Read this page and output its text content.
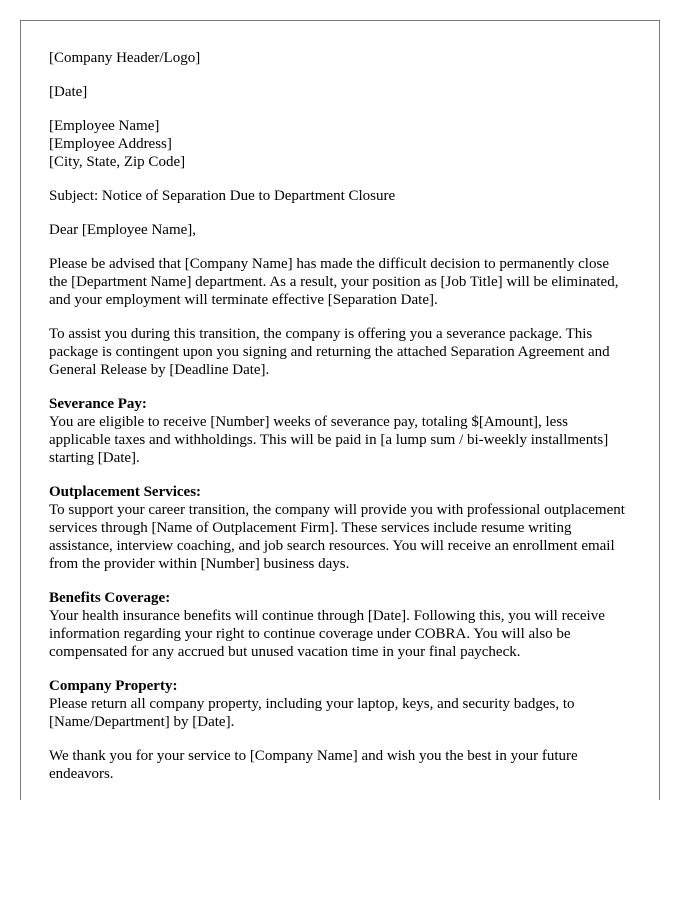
[Company Header/Logo]

[Date]

[Employee Name]
[Employee Address]
[City, State, Zip Code]

Subject: Notice of Separation Due to Department Closure

Dear [Employee Name],

Please be advised that [Company Name] has made the difficult decision to permanently close the [Department Name] department. As a result, your position as [Job Title] will be eliminated, and your employment will terminate effective [Separation Date].

To assist you during this transition, the company is offering you a severance package. This package is contingent upon you signing and returning the attached Separation Agreement and General Release by [Deadline Date].

Severance Pay:
You are eligible to receive [Number] weeks of severance pay, totaling $[Amount], less applicable taxes and withholdings. This will be paid in [a lump sum / bi-weekly installments] starting [Date].
Outplacement Services:
To support your career transition, the company will provide you with professional outplacement services through [Name of Outplacement Firm]. These services include resume writing assistance, interview coaching, and job search resources. You will receive an enrollment email from the provider within [Number] business days.
Benefits Coverage:
Your health insurance benefits will continue through [Date]. Following this, you will receive information regarding your right to continue coverage under COBRA. You will also be compensated for any accrued but unused vacation time in your final paycheck.
Company Property:
Please return all company property, including your laptop, keys, and security badges, to [Name/Department] by [Date].

We thank you for your service to [Company Name] and wish you the best in your future endeavors.
